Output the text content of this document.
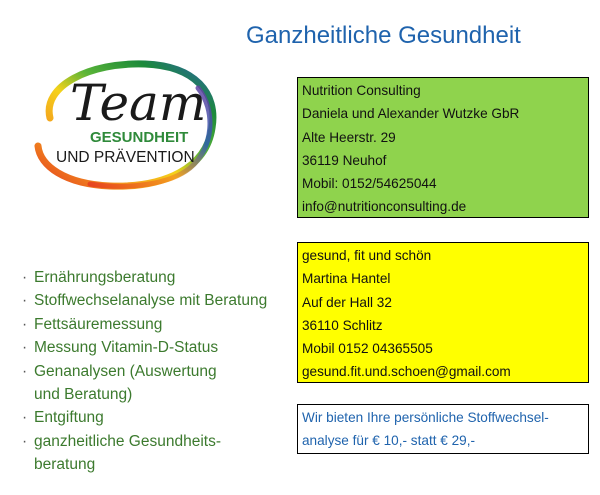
Ganzheitliche Gesundheit
Team
GESUNDHEIT
UND PRÄVENTION
Nutrition Consulting
Daniela und Alexander Wutzke GbR
Alte Heerstr. 29
36119 Neuhof
Mobil: 0152/54625044
info@nutritionconsulting.de
gesund, fit und schön
Martina Hantel
Auf der Hall 32
36110 Schlitz
Mobil 0152 04365505
gesund.fit.und.schoen@gmail.com
Wir bieten Ihre persönliche Stoffwechsel-
analyse für € 10,- statt € 29,-
· Ernährungsberatung
· Stoffwechselanalyse mit Beratung
· Fettsäuremessung
· Messung Vitamin-D-Status
· Genanalysen (Auswertung
und Beratung)
· Entgiftung
· ganzheitliche Gesundheits-
beratung
